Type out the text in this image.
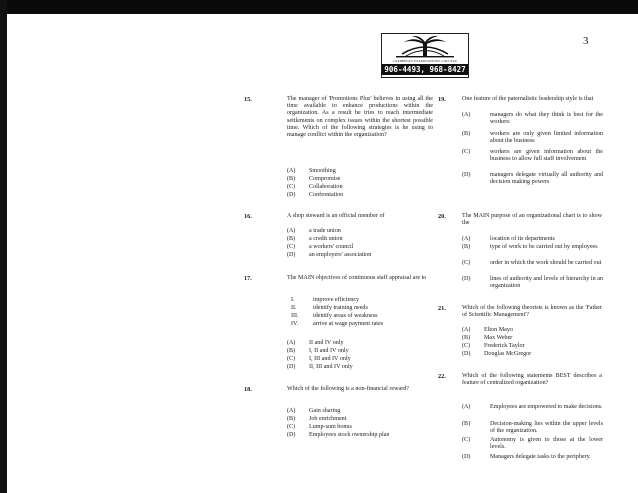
3
CARIBBEAN EXAMINATIONS COLLEGE
906-4493, 968-8427
15.	The manager of 'Promotions Plus' believes in using all the time available to enhance productions within the organization. As a result he tries to reach intermediate settlements on complex issues within the shortest possible time. Which of the following strategies is he using to manage conflict within the organization?
(A) Smoothing
(B) Compromise
(C) Collaboration
(D) Confrontation
16.	A shop steward is an official member of
(A) a trade union
(B) a credit union
(C) a workers' council
(D) an employers' association
17.	The MAIN objectives of continuous staff appraisal are to
I.	improve efficiency
II.	identify training needs
III. identify areas of weakness
IV. arrive at wage payment rates
(A) II and IV only
(B) I, II and IV only
(C) I, III and IV only
(D) II, III and IV only
18.	Which of the following is a non-financial reward?
(A) Gain sharing
(B) Job enrichment
(C) Lump-sum bonus
(D) Employees stock ownership plan
19.	One feature of the paternalistic leadership style is that
(A)	managers do what they think is best for the workers
(B)	workers are only given limited information about the business
(C)	workers are given information about the business to allow full staff involvement
(D)	managers delegate virtually all authority and decision making powers
20.	The MAIN purpose of an organizational chart is to show the
(A)	location of its departments
(B)	type of work to be carried out by employees
(C)	order in which the work should be carried out
(D)	lines of authority and levels of hierarchy in an organization
21.	Which of the following theorists is known as the 'Father of Scientific Management'?
(A) Elton Mayo
(B) Max Weber
(C) Frederick Taylor
(D) Douglas McGregor
22.	Which of the following statements BEST describes a feature of centralized organization?
(A)	Employees are empowered to make decisions.
(B)	Decision-making lies within the upper levels of the organization.
(C)	Autonomy is given to those at the lower levels.
(D)	Managers delegate tasks to the periphery.
